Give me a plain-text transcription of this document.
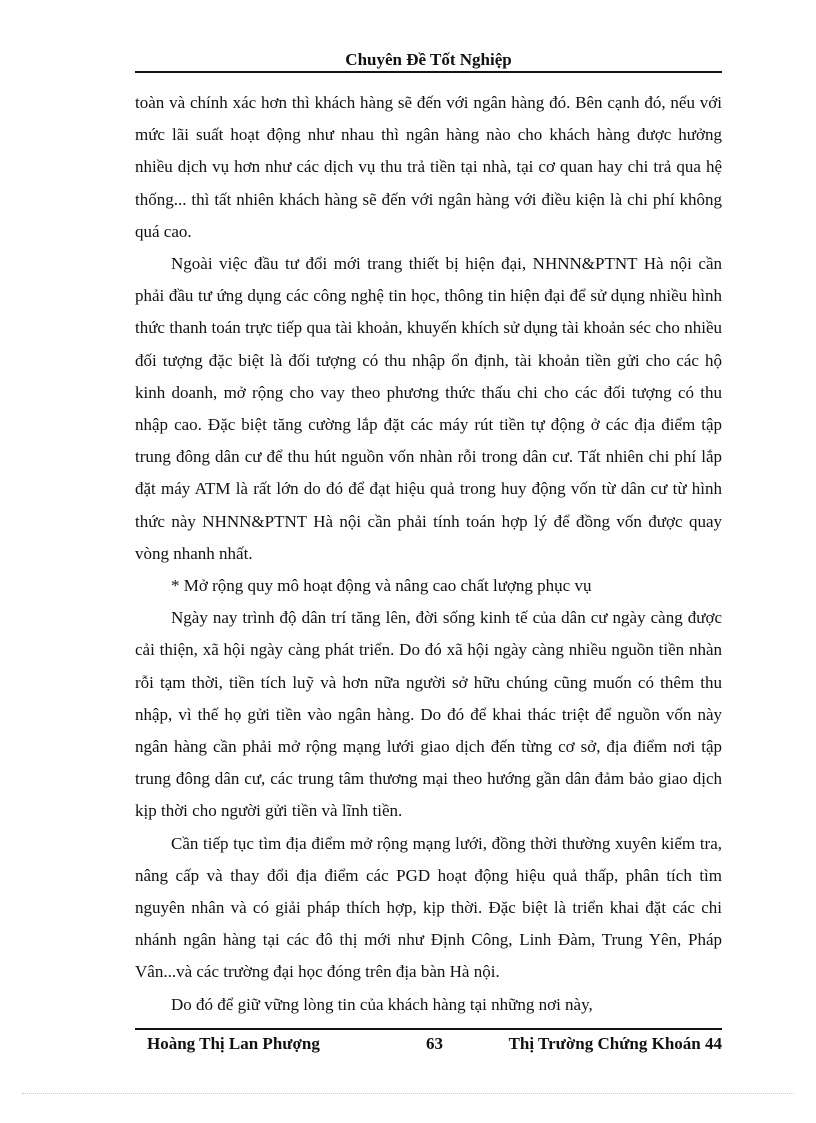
Chuyên Đề Tốt Nghiệp

toàn và chính xác hơn thì khách hàng sẽ đến với ngân hàng đó. Bên cạnh đó, nếu với mức lãi suất hoạt động như nhau thì ngân hàng nào cho khách hàng được hưởng nhiều dịch vụ hơn như các dịch vụ thu trả tiền tại nhà, tại cơ quan hay chi trả qua hệ thống... thì tất nhiên khách hàng sẽ đến với ngân hàng với điều kiện là chi phí không quá cao.

Ngoài việc đầu tư đổi mới trang thiết bị hiện đại, NHNN&PTNT Hà nội cần phải đầu tư ứng dụng các công nghệ tin học, thông tin hiện đại để sử dụng nhiều hình thức thanh toán trực tiếp qua tài khoản, khuyến khích sử dụng tài khoản séc cho nhiều đối tượng đặc biệt là đối tượng có thu nhập ổn định, tài khoản tiền gửi cho các hộ kinh doanh, mở rộng cho vay theo phương thức thấu chi cho các đối tượng có thu nhập cao. Đặc biệt tăng cường lắp đặt các máy rút tiền tự động ở các địa điểm tập trung đông dân cư để thu hút nguồn vốn nhàn rỗi trong dân cư. Tất nhiên chi phí lắp đặt máy ATM là rất lớn do đó để đạt hiệu quả trong huy động vốn từ dân cư từ hình thức này NHNN&PTNT Hà nội cần phải tính toán hợp lý để đồng vốn được quay vòng nhanh nhất.

* Mở rộng quy mô hoạt động và nâng cao chất lượng phục vụ

Ngày nay trình độ dân trí tăng lên, đời sống kinh tế của dân cư ngày càng được cải thiện, xã hội ngày càng phát triển. Do đó xã hội ngày càng nhiều nguồn tiền nhàn rỗi tạm thời, tiền tích luỹ và hơn nữa người sở hữu chúng cũng muốn có thêm thu nhập, vì thế họ gửi tiền vào ngân hàng. Do đó để khai thác triệt để nguồn vốn này ngân hàng cần phải mở rộng mạng lưới giao dịch đến từng cơ sở, địa điểm nơi tập trung đông dân cư, các trung tâm thương mại theo hướng gần dân đảm bảo giao dịch kịp thời cho người gửi tiền và lĩnh tiền.

Cần tiếp tục tìm địa điểm mở rộng mạng lưới, đồng thời thường xuyên kiểm tra, nâng cấp và thay đổi địa điểm các PGD hoạt động hiệu quả thấp, phân tích tìm nguyên nhân và có giải pháp thích hợp, kịp thời. Đặc biệt là triển khai đặt các chi nhánh ngân hàng tại các đô thị mới như Định Công, Linh Đàm, Trung Yên, Pháp Vân...và các trường đại học đóng trên địa bàn Hà nội.

Do đó để giữ vững lòng tin của khách hàng tại những nơi này,

Hoàng Thị Lan Phượng	63	Thị Trường Chứng Khoán 44
